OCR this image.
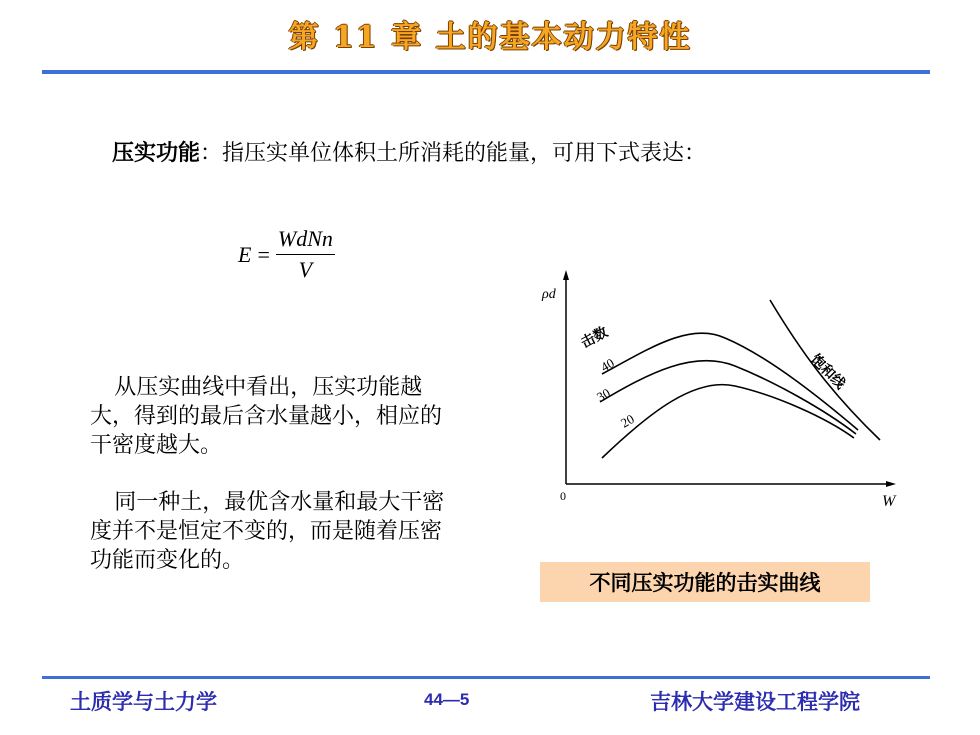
第 11 章 土的基本动力特性
压实功能：指压实单位体积土所消耗的能量，可用下式表达：
$E = \frac{\text{WdNn}}{V}$
从压实曲线中看出，压实功能越大，得到的最后含水量越小，相应的干密度越大。
同一种土，最优含水量和最大干密度并不是恒定不变的，而是随着压密功能而变化的。
ρd
W
0
击数
40
30
20
饱和线
不同压实功能的击实曲线
土质学与土力学	44—5	吉林大学建设工程学院
